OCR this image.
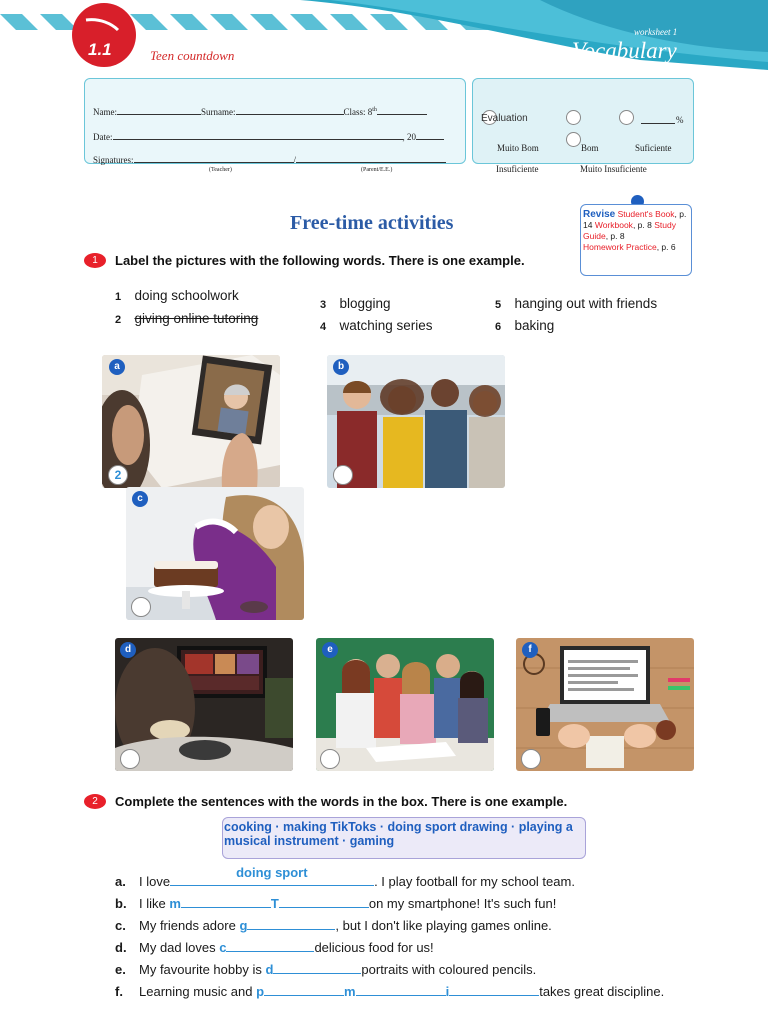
1.1	Teen countdown
worksheet 1
Vocabulary
Name:	Surname:	Class: 8th
Date:	, 20
Signatures:	/
(Teacher)	(Parent/E.E.)
Evaluation	%
Muito Bom	Bom	Suficiente
Insuficiente	Muito Insuficiente
Free-time activities	Revise Student's Book, p.
14 Workbook, p. 8 Study
Guide, p. 8
Homework Practice, p. 6
1	Label the pictures with the following words. There is one example.
1 doing schoolwork
2 giving online tutoring
3 blogging
4 watching series
5 hanging out with friends
6 baking
a
2
b
c
d	e	f
2	Complete the sentences with the words in the box. There is one example.
cooking · making TikToks · doing sport drawing · playing a
musical instrument · gaming
a. I love
doing sport
. I play football for my school team.
b. I like m	T	on my smartphone! It's such fun!
c. My friends adore g	, but I don't like playing games online.
d. My dad loves c	delicious food for us!
e. My favourite hobby is d	portraits with coloured pencils.
f. Learning music and p	m	i	takes great discipline.
